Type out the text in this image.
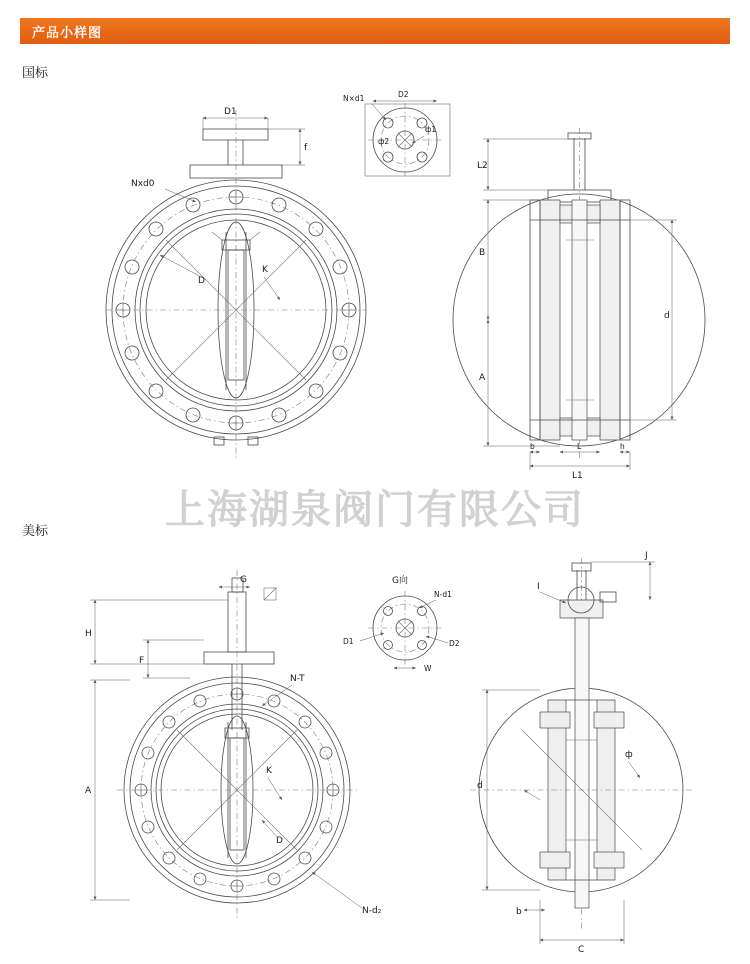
产品小样图
国标
美标	上海湖泉阀门有限公司
D1
f
Nxd0
D
K
N×d1	D2
ф2
ф1
L2
B
A
d
b	L	h
L1
G
H
F
A
N-T
K
D
N-d₂
G向
N-d1
D1	D2
W
J
I
ф
d
b
C
